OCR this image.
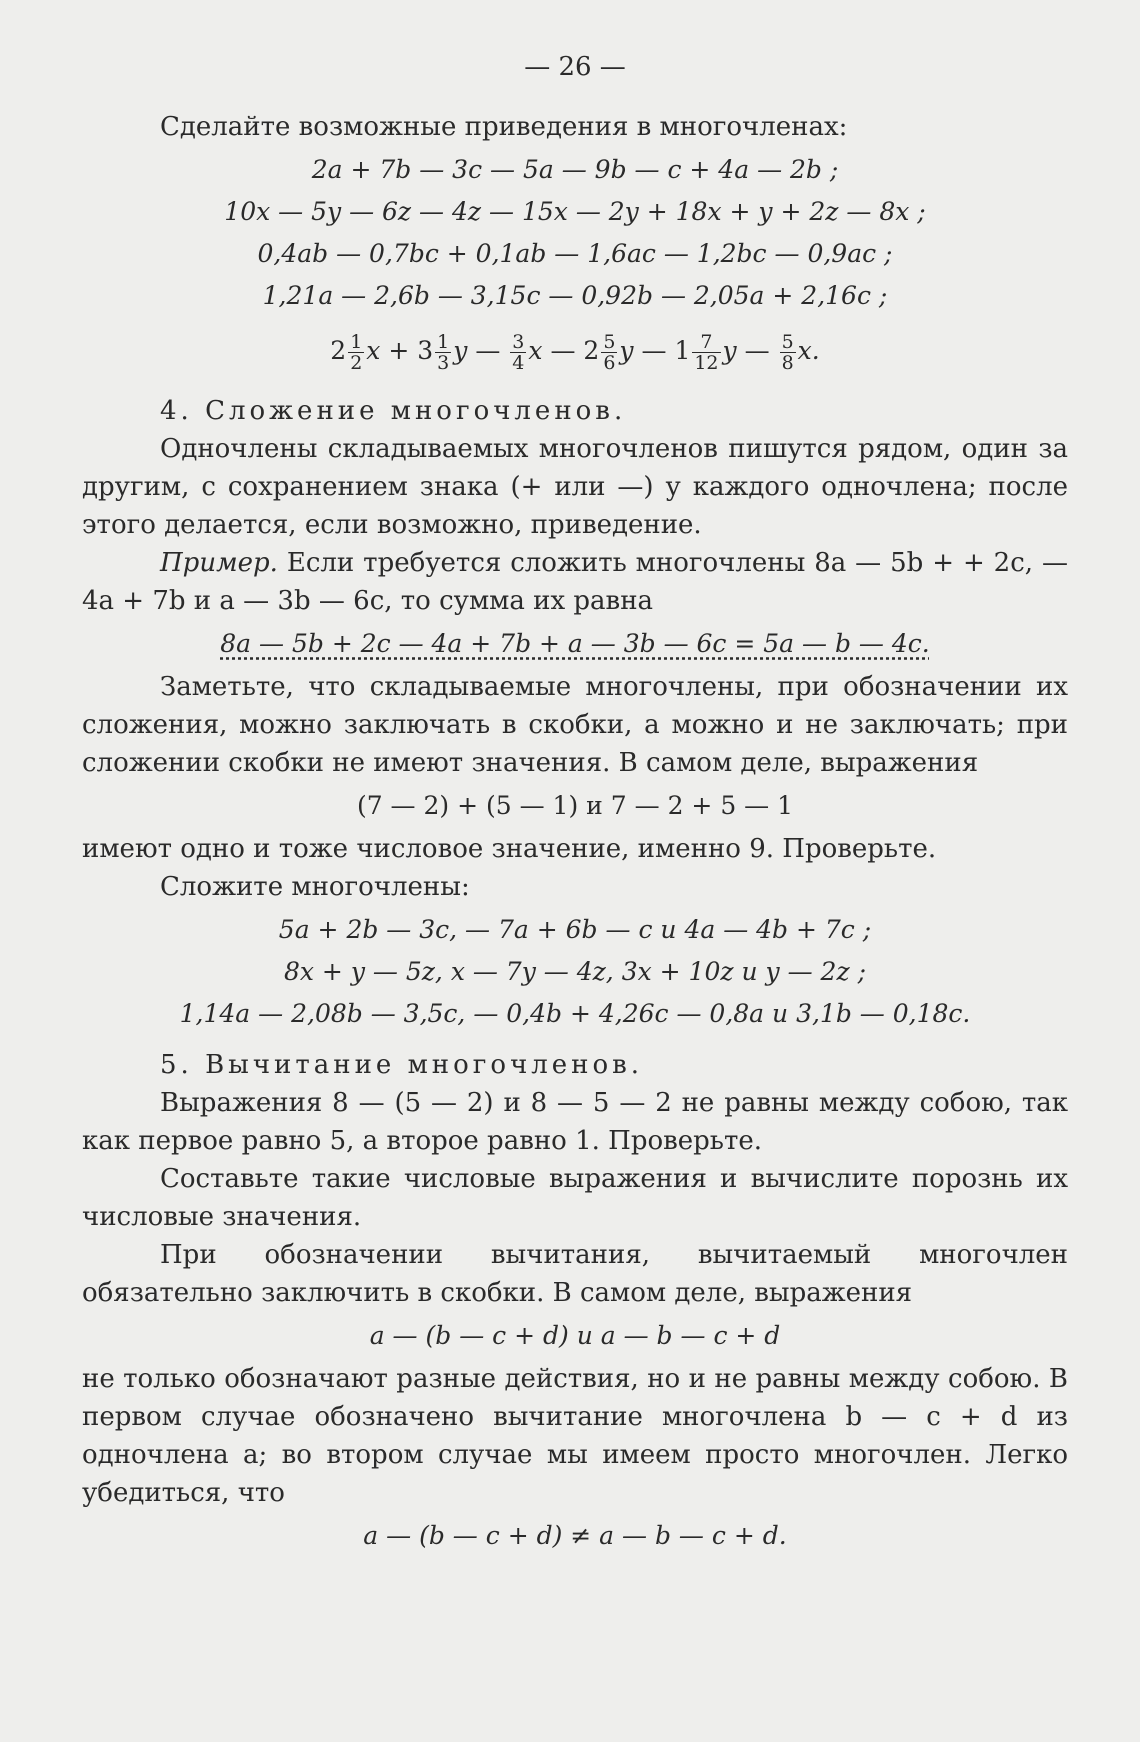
— 26 —

Сделайте возможные приведения в многочленах:

2a + 7b — 3c — 5a — 9b — c + 4a — 2b ;
10x — 5y — 6z — 4z — 15x — 2y + 18x + y + 2z — 8x ;
0,4ab — 0,7bc + 0,1ab — 1,6ac — 1,2bc — 0,9ac ;
1,21a — 2,6b — 3,15c — 0,92b — 2,05a + 2,16c ;
$2 \frac{1}{2}$ $x + 3 \frac{1}{3}$ y — $\frac{3}{4}$ x — $2 \frac{5}{6}$ y — $1 \frac{7}{12}$ y — $\frac{5}{8} x$.

4. Сложение многочленов.

Одночлены складываемых многочленов пишутся рядом, один за другим, с сохранением знака (+ или —) у каждого одночлена; после этого делается, если возможно, приведение.

Пример. Если требуется сложить многочлены 8a — 5b + + 2c, — 4a + 7b и a — 3b — 6c, то сумма их равна

8a — 5b + 2c — 4a + 7b + a — 3b — 6c = 5a — b — 4c.

Заметьте, что складываемые многочлены, при обозначении их сложения, можно заключать в скобки, а можно и не заключать; при сложении скобки не имеют значения. В самом деле, выражения

(7 — 2) + (5 — 1) и 7 — 2 + 5 — 1

имеют одно и тоже числовое значение, именно 9. Проверьте.

Сложите многочлены:

5a + 2b — 3c, — 7a + 6b — c и 4a — 4b + 7c ;
8x + y — 5z, x — 7y — 4z, 3x + 10z и y — 2z ;
1,14a — 2,08b — 3,5c, — 0,4b + 4,26c — 0,8a и 3,1b — 0,18c.

5. Вычитание многочленов.

Выражения 8 — (5 — 2) и 8 — 5 — 2 не равны между собою, так как первое равно 5, а второе равно 1. Проверьте.

Составьте такие числовые выражения и вычислите порознь их числовые значения.

При обозначении вычитания, вычитаемый многочлен обязательно заключить в скобки. В самом деле, выражения

a — (b — c + d) и a — b — c + d

не только обозначают разные действия, но и не равны между собою. В первом случае обозначено вычитание многочлена b — c + d из одночлена a; во втором случае мы имеем просто многочлен. Легко убедиться, что

a — (b — c + d) ≠ a — b — c + d.
